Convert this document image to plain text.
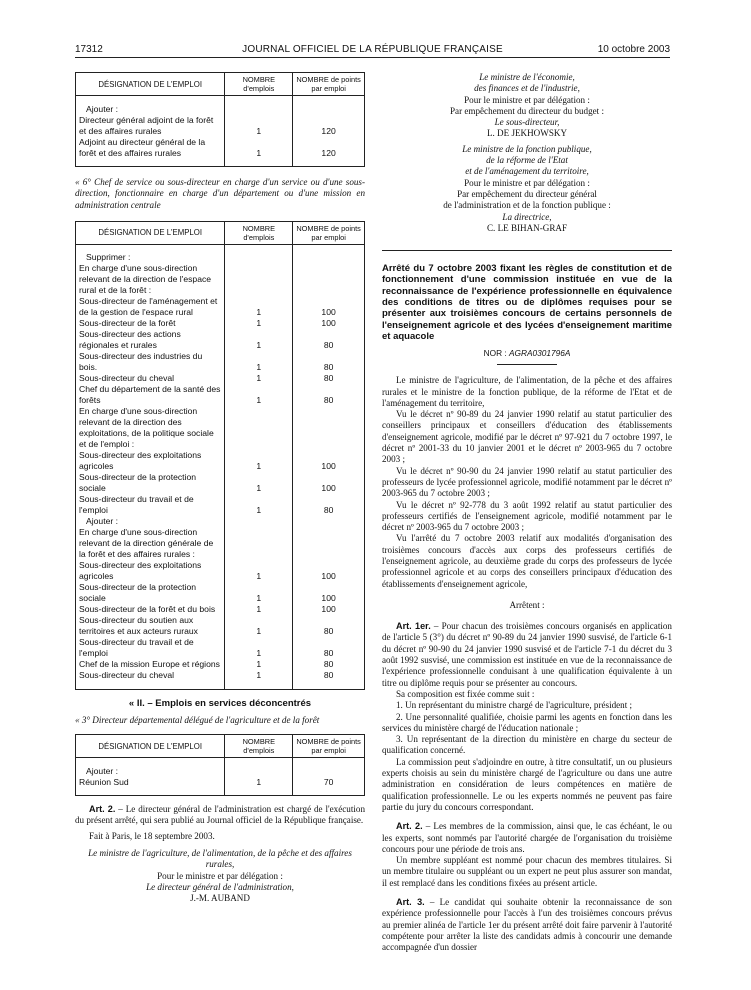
17312	JOURNAL OFFICIEL DE LA RÉPUBLIQUE FRANÇAISE	10 octobre 2003
DÉSIGNATION DE L'EMPLOI	NOMBRE d'emplois	NOMBRE de points par emploi

Ajouter :		
Directeur général adjoint de la forêt et des affaires rurales	1	120
Adjoint au directeur général de la forêt et des affaires rurales	1	120

« 6° Chef de service ou sous-directeur en charge d'un service ou d'une sous-direction, fonctionnaire en charge d'un département ou d'une mission en administration centrale
DÉSIGNATION DE L'EMPLOI	NOMBRE d'emplois	NOMBRE de points par emploi

Supprimer :		
En charge d'une sous-direction relevant de la direction de l'espace rural et de la forêt :		
Sous-directeur de l'aménagement et de la gestion de l'espace rural	1	100
Sous-directeur de la forêt	1	100
Sous-directeur des actions régionales et rurales	1	80
Sous-directeur des industries du bois.	1	80
Sous-directeur du cheval	1	80
Chef du département de la santé des forêts	1	80
En charge d'une sous-direction relevant de la direction des exploitations, de la politique sociale et de l'emploi :		
Sous-directeur des exploitations agricoles	1	100
Sous-directeur de la protection sociale	1	100
Sous-directeur du travail et de l'emploi	1	80
Ajouter :		
En charge d'une sous-direction relevant de la direction générale de la forêt et des affaires rurales :		
Sous-directeur des exploitations agricoles	1	100
Sous-directeur de la protection sociale	1	100
Sous-directeur de la forêt et du bois	1	100
Sous-directeur du soutien aux territoires et aux acteurs ruraux	1	80
Sous-directeur du travail et de l'emploi	1	80
Chef de la mission Europe et régions	1	80
Sous-directeur du cheval	1	80

« II. – Emplois en services déconcentrés
« 3° Directeur départemental délégué de l'agriculture et de la forêt
DÉSIGNATION DE L'EMPLOI	NOMBRE d'emplois	NOMBRE de points par emploi

Ajouter :		
Réunion Sud	1	70

Art. 2. – Le directeur général de l'administration est chargé de l'exécution du présent arrêté, qui sera publié au Journal officiel de la République française.
Fait à Paris, le 18 septembre 2003.
Le ministre de l'agriculture, de l'alimentation, de la pêche et des affaires rurales,
Pour le ministre et par délégation :
Le directeur général de l'administration,
J.-M. AUBAND
Le ministre de l'économie,
des finances et de l'industrie,
Pour le ministre et par délégation :
Par empêchement du directeur du budget :
Le sous-directeur,
L. DE JEKHOWSKY
Le ministre de la fonction publique,
de la réforme de l'Etat
et de l'aménagement du territoire,
Pour le ministre et par délégation :
Par empêchement du directeur général
de l'administration et de la fonction publique :
La directrice,
C. LE BIHAN-GRAF
Arrêté du 7 octobre 2003 fixant les règles de constitution et de fonctionnement d'une commission instituée en vue de la reconnaissance de l'expérience professionnelle en équivalence des conditions de titres ou de diplômes requises pour se présenter aux troisièmes concours de certains personnels de l'enseignement agricole et des lycées d'enseignement maritime et aquacole
NOR : AGRA0301796A

Le ministre de l'agriculture, de l'alimentation, de la pêche et des affaires rurales et le ministre de la fonction publique, de la réforme de l'Etat et de l'aménagement du territoire,

Vu le décret nº 90-89 du 24 janvier 1990 relatif au statut particulier des conseillers principaux et conseillers d'éducation des établissements d'enseignement agricole, modifié par le décret nº 97-921 du 7 octobre 1997, le décret nº 2001-33 du 10 janvier 2001 et le décret nº 2003-965 du 7 octobre 2003 ;

Vu le décret nº 90-90 du 24 janvier 1990 relatif au statut particulier des professeurs de lycée professionnel agricole, modifié notamment par le décret nº 2003-965 du 7 octobre 2003 ;

Vu le décret nº 92-778 du 3 août 1992 relatif au statut particulier des professeurs certifiés de l'enseignement agricole, modifié notamment par le décret nº 2003-965 du 7 octobre 2003 ;

Vu l'arrêté du 7 octobre 2003 relatif aux modalités d'organisation des troisièmes concours d'accès aux corps des professeurs certifiés de l'enseignement agricole, au deuxième grade du corps des professeurs de lycée professionnel agricole et au corps des conseillers principaux d'éducation des établissements d'enseignement agricole,

Arrêtent :

Art. 1er. – Pour chacun des troisièmes concours organisés en application de l'article 5 (3°) du décret nº 90-89 du 24 janvier 1990 susvisé, de l'article 6-1 du décret nº 90-90 du 24 janvier 1990 susvisé et de l'article 7-1 du décret du 3 août 1992 susvisé, une commission est instituée en vue de la reconnaissance de l'expérience professionnelle conduisant à une qualification équivalente à un titre ou diplôme requis pour se présenter au concours.

Sa composition est fixée comme suit :

1. Un représentant du ministre chargé de l'agriculture, président ;

2. Une personnalité qualifiée, choisie parmi les agents en fonction dans les services du ministère chargé de l'éducation nationale ;

3. Un représentant de la direction du ministère en charge du secteur de qualification concerné.

La commission peut s'adjoindre en outre, à titre consultatif, un ou plusieurs experts choisis au sein du ministère chargé de l'agriculture ou dans une autre administration en considération de leurs compétences en matière de qualification professionnelle. Le ou les experts nommés ne peuvent pas faire partie du jury du concours correspondant.

Art. 2. – Les membres de la commission, ainsi que, le cas échéant, le ou les experts, sont nommés par l'autorité chargée de l'organisation du troisième concours pour une période de trois ans.

Un membre suppléant est nommé pour chacun des membres titulaires. Si un membre titulaire ou suppléant ou un expert ne peut plus assurer son mandat, il est remplacé dans les conditions fixées au présent article.

Art. 3. – Le candidat qui souhaite obtenir la reconnaissance de son expérience professionnelle pour l'accès à l'un des troisièmes concours prévus au premier alinéa de l'article 1er du présent arrêté doit faire parvenir à l'autorité compétente pour arrêter la liste des candidats admis à concourir une demande accompagnée d'un dossier
